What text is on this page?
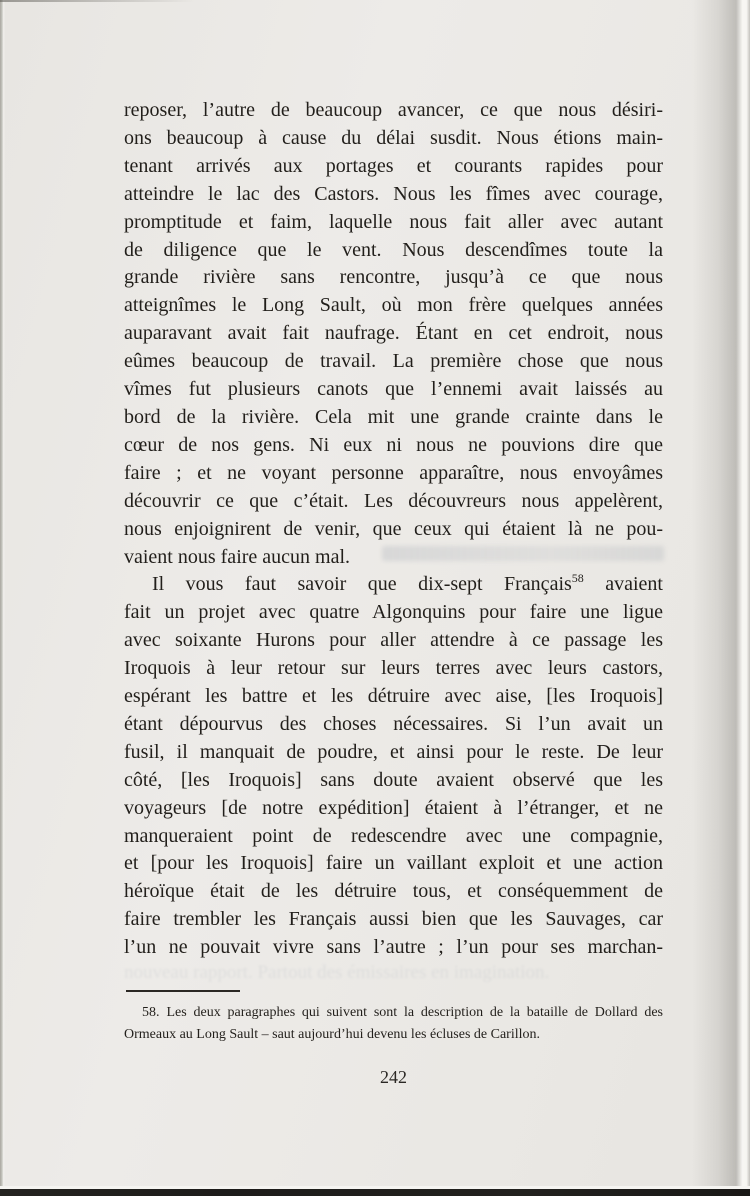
nouveau rapport. Partout des émissaires en imagination.
reposer, l’autre de beaucoup avancer, ce que nous désiri-
ons beaucoup à cause du délai susdit. Nous étions main-
tenant arrivés aux portages et courants rapides pour
atteindre le lac des Castors. Nous les fîmes avec courage,
promptitude et faim, laquelle nous fait aller avec autant
de diligence que le vent. Nous descendîmes toute la
grande rivière sans rencontre, jusqu’à ce que nous
atteignîmes le Long Sault, où mon frère quelques années
auparavant avait fait naufrage. Étant en cet endroit, nous
eûmes beaucoup de travail. La première chose que nous
vîmes fut plusieurs canots que l’ennemi avait laissés au
bord de la rivière. Cela mit une grande crainte dans le
cœur de nos gens. Ni eux ni nous ne pouvions dire que
faire ; et ne voyant personne apparaître, nous envoyâmes
découvrir ce que c’était. Les découvreurs nous appelèrent,
nous enjoignirent de venir, que ceux qui étaient là ne pou-
vaient nous faire aucun mal.
Il vous faut savoir que dix-sept Français$^{58}$ avaient
fait un projet avec quatre Algonquins pour faire une ligue
avec soixante Hurons pour aller attendre à ce passage les
Iroquois à leur retour sur leurs terres avec leurs castors,
espérant les battre et les détruire avec aise, [les Iroquois]
étant dépourvus des choses nécessaires. Si l’un avait un
fusil, il manquait de poudre, et ainsi pour le reste. De leur
côté, [les Iroquois] sans doute avaient observé que les
voyageurs [de notre expédition] étaient à l’étranger, et ne
manqueraient point de redescendre avec une compagnie,
et [pour les Iroquois] faire un vaillant exploit et une action
héroïque était de les détruire tous, et conséquemment de
faire trembler les Français aussi bien que les Sauvages, car
l’un ne pouvait vivre sans l’autre ; l’un pour ses marchan-
58. Les deux paragraphes qui suivent sont la description de la bataille de Dollard des
Ormeaux au Long Sault – saut aujourd’hui devenu les écluses de Carillon.
242
